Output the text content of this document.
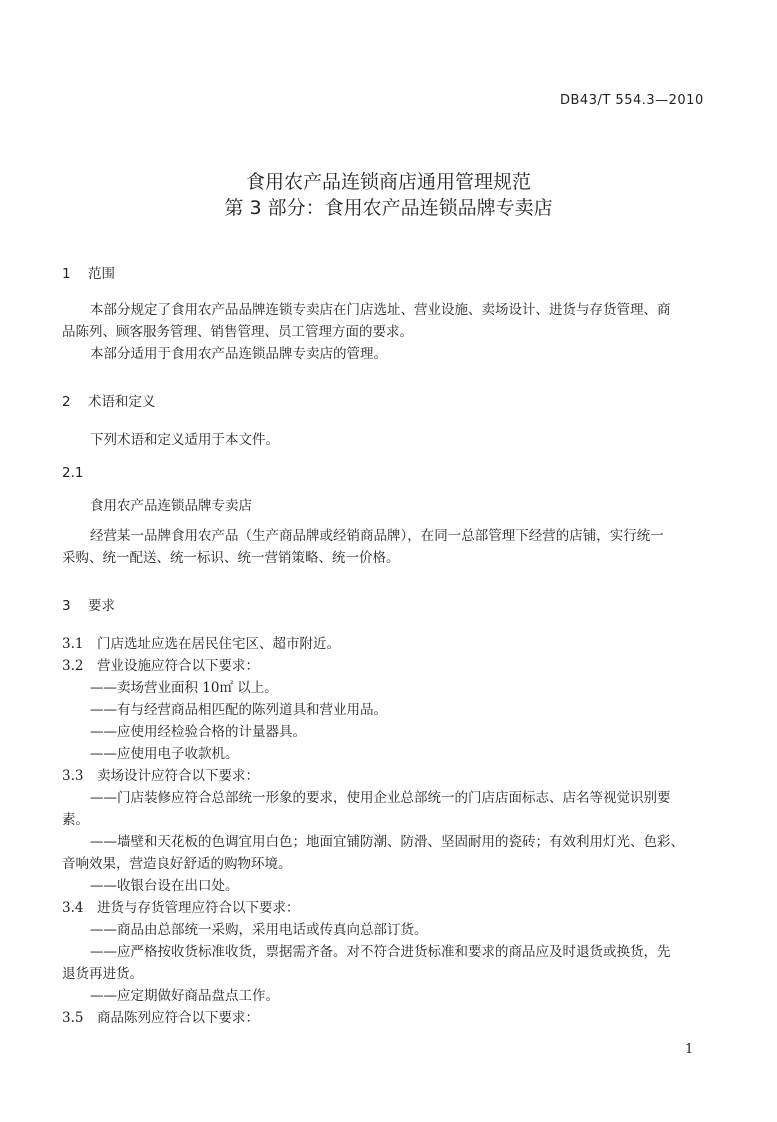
DB43/T 554.3—2010
食用农产品连锁商店通用管理规范
第 3 部分：食用农产品连锁品牌专卖店
1 范围
本部分规定了食用农产品品牌连锁专卖店在门店选址、营业设施、卖场设计、进货与存货管理、商
品陈列、顾客服务管理、销售管理、员工管理方面的要求。
本部分适用于食用农产品连锁品牌专卖店的管理。
2 术语和定义
下列术语和定义适用于本文件。
2.1
食用农产品连锁品牌专卖店
经营某一品牌食用农产品（生产商品牌或经销商品牌），在同一总部管理下经营的店铺，实行统一
采购、统一配送、统一标识、统一营销策略、统一价格。
3 要求
3.1　门店选址应选在居民住宅区、超市附近。
3.2　营业设施应符合以下要求：
——卖场营业面积 10㎡ 以上。
——有与经营商品相匹配的陈列道具和营业用品。
——应使用经检验合格的计量器具。
——应使用电子收款机。
3.3　卖场设计应符合以下要求：
——门店装修应符合总部统一形象的要求，使用企业总部统一的门店店面标志、店名等视觉识别要
素。
——墙壁和天花板的色调宜用白色；地面宜铺防潮、防滑、坚固耐用的瓷砖；有效利用灯光、色彩、
音响效果，营造良好舒适的购物环境。
——收银台设在出口处。
3.4　进货与存货管理应符合以下要求：
——商品由总部统一采购，采用电话或传真向总部订货。
——应严格按收货标准收货，票据需齐备。对不符合进货标准和要求的商品应及时退货或换货，先
退货再进货。
——应定期做好商品盘点工作。
3.5　商品陈列应符合以下要求：
1
